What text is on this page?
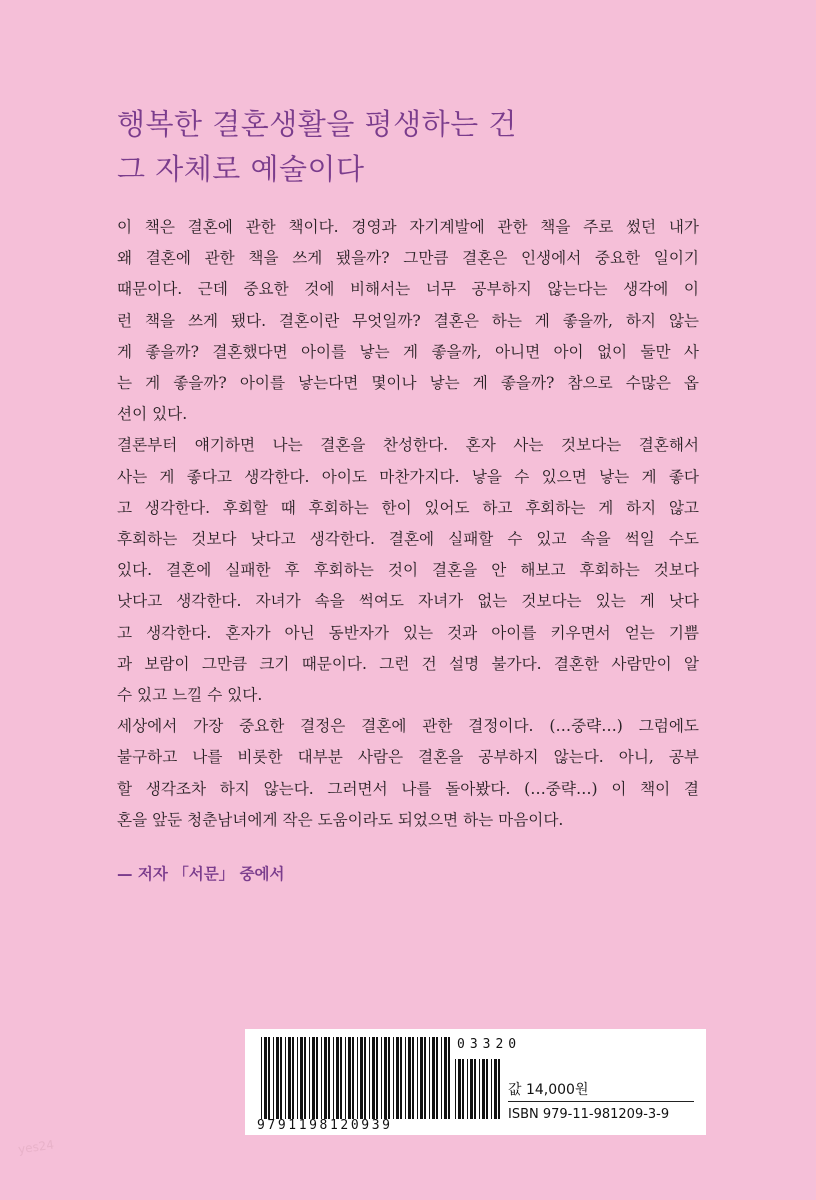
행복한 결혼생활을 평생하는 건
그 자체로 예술이다
이 책은 결혼에 관한 책이다. 경영과 자기계발에 관한 책을 주로 썼던 내가
왜 결혼에 관한 책을 쓰게 됐을까? 그만큼 결혼은 인생에서 중요한 일이기
때문이다. 근데 중요한 것에 비해서는 너무 공부하지 않는다는 생각에 이
런 책을 쓰게 됐다. 결혼이란 무엇일까? 결혼은 하는 게 좋을까, 하지 않는
게 좋을까? 결혼했다면 아이를 낳는 게 좋을까, 아니면 아이 없이 둘만 사
는 게 좋을까? 아이를 낳는다면 몇이나 낳는 게 좋을까? 참으로 수많은 옵
션이 있다.
결론부터 얘기하면 나는 결혼을 찬성한다. 혼자 사는 것보다는 결혼해서
사는 게 좋다고 생각한다. 아이도 마찬가지다. 낳을 수 있으면 낳는 게 좋다
고 생각한다. 후회할 때 후회하는 한이 있어도 하고 후회하는 게 하지 않고
후회하는 것보다 낫다고 생각한다. 결혼에 실패할 수 있고 속을 썩일 수도
있다. 결혼에 실패한 후 후회하는 것이 결혼을 안 해보고 후회하는 것보다
낫다고 생각한다. 자녀가 속을 썩여도 자녀가 없는 것보다는 있는 게 낫다
고 생각한다. 혼자가 아닌 동반자가 있는 것과 아이를 키우면서 얻는 기쁨
과 보람이 그만큼 크기 때문이다. 그런 건 설명 불가다. 결혼한 사람만이 알
수 있고 느낄 수 있다.
세상에서 가장 중요한 결정은 결혼에 관한 결정이다. (…중략…) 그럼에도
불구하고 나를 비롯한 대부분 사람은 결혼을 공부하지 않는다. 아니, 공부
할 생각조차 하지 않는다. 그러면서 나를 돌아봤다. (…중략…) 이 책이 결
혼을 앞둔 청춘남녀에게 작은 도움이라도 되었으면 하는 마음이다.
— 저자 「서문」 중에서
9791198120939
03320
값 14,000원
ISBN 979-11-981209-3-9
yes24
